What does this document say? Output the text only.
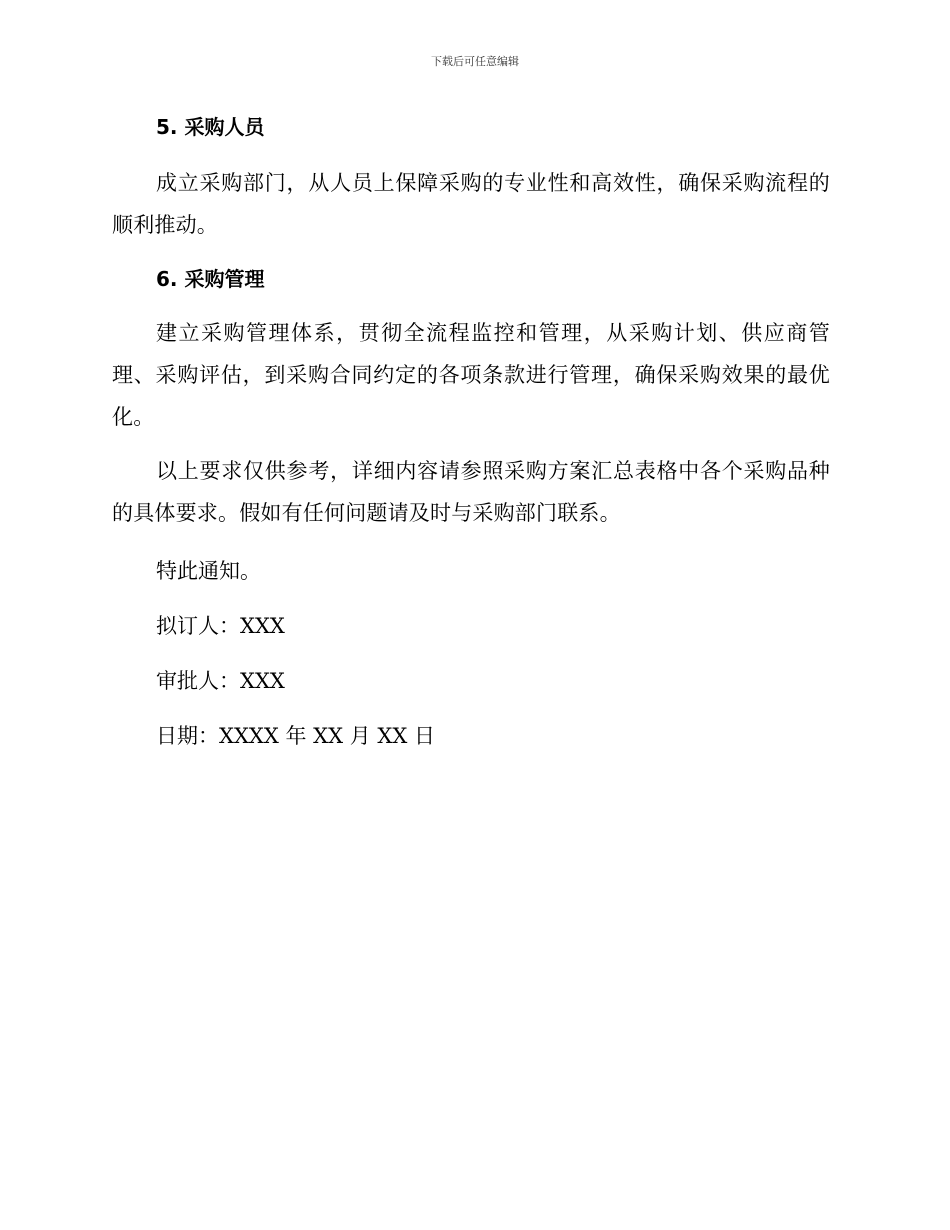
下载后可任意编辑

5. 采购人员

成立采购部门，从人员上保障采购的专业性和高效性，确保采购流程的顺利推动。

6. 采购管理

建立采购管理体系，贯彻全流程监控和管理，从采购计划、供应商管理、采购评估，到采购合同约定的各项条款进行管理，确保采购效果的最优化。

以上要求仅供参考，详细内容请参照采购方案汇总表格中各个采购品种的具体要求。假如有任何问题请及时与采购部门联系。

特此通知。

拟订人：XXX

审批人：XXX

日期：XXXX 年 XX 月 XX 日
